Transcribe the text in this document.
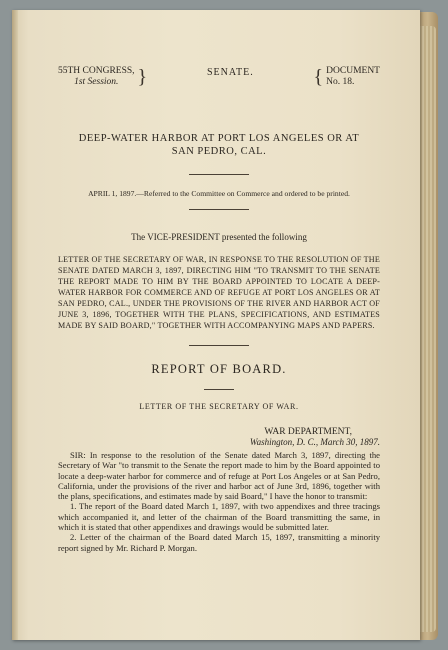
55TH CONGRESS,
1st Session. }	SENATE.	{ DOCUMENT
No. 18.
DEEP-WATER HARBOR AT PORT LOS ANGELES OR AT
SAN PEDRO, CAL.
APRIL 1, 1897.—Referred to the Committee on Commerce and ordered to be printed.
The VICE-PRESIDENT presented the following
LETTER OF THE SECRETARY OF WAR, IN RESPONSE TO THE RESOLUTION OF THE SENATE DATED MARCH 3, 1897, DIRECTING HIM "TO TRANSMIT TO THE SENATE THE REPORT MADE TO HIM BY THE BOARD APPOINTED TO LOCATE A DEEP-WATER HARBOR FOR COMMERCE AND OF REFUGE AT PORT LOS ANGELES OR AT SAN PEDRO, CAL., UNDER THE PROVISIONS OF THE RIVER AND HARBOR ACT OF JUNE 3, 1896, TOGETHER WITH THE PLANS, SPECIFICATIONS, AND ESTIMATES MADE BY SAID BOARD," TOGETHER WITH ACCOMPANYING MAPS AND PAPERS.
REPORT OF BOARD.
LETTER OF THE SECRETARY OF WAR.
WAR DEPARTMENT,
Washington, D. C., March 30, 1897.

SIR: In response to the resolution of the Senate dated March 3, 1897, directing the Secretary of War "to transmit to the Senate the report made to him by the Board appointed to locate a deep-water harbor for commerce and of refuge at Port Los Angeles or at San Pedro, California, under the provisions of the river and harbor act of June 3rd, 1896, together with the plans, specifications, and estimates made by said Board," I have the honor to transmit:

1. The report of the Board dated March 1, 1897, with two appendixes and three tracings which accompanied it, and letter of the chairman of the Board transmitting the same, in which it is stated that other appendixes and drawings would be submitted later.

2. Letter of the chairman of the Board dated March 15, 1897, transmitting a minority report signed by Mr. Richard P. Morgan.
